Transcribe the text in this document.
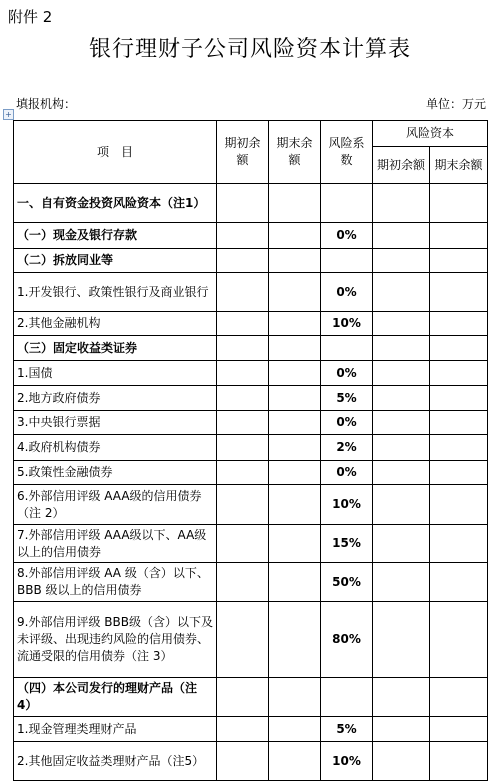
附件 2
银行理财子公司风险资本计算表
填报机构：	单位：万元
+
项　目	期初余额	期末余额	风险系数	风险资本	
				期初余额	期末余额
一、自有资金投资风险资本（注1）					
（一）现金及银行存款			0%		
（二）拆放同业等					
1.开发银行、政策性银行及商业银行			0%		
2.其他金融机构			10%		
（三）固定收益类证券					
1.国债			0%		
2.地方政府债券			5%		
3.中央银行票据			0%		
4.政府机构债券			2%		
5.政策性金融债券			0%		
6.外部信用评级 AAA级的信用债券（注 2）			10%		
7.外部信用评级 AAA级以下、AA级以上的信用债券			15%		
8.外部信用评级 AA 级（含）以下、BBB 级以上的信用债券			50%		
9.外部信用评级 BBB级（含）以下及未评级、出现违约风险的信用债券、流通受限的信用债券（注 3）			80%		
（四）本公司发行的理财产品（注 4）					
1.现金管理类理财产品			5%		
2.其他固定收益类理财产品（注5）			10%		
